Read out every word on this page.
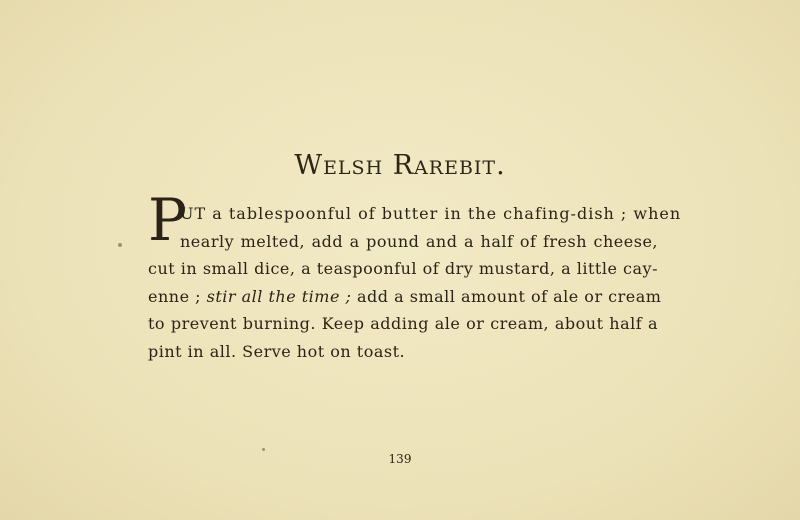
Welsh Rarebit.
P
UT a tablespoonful of butter in the chafing-dish ; when
nearly melted, add a pound and a half of fresh cheese,
cut in small dice, a teaspoonful of dry mustard, a little cay-
enne ; stir all the time ; add a small amount of ale or cream
to prevent burning. Keep adding ale or cream, about half a
pint in all. Serve hot on toast.
139
